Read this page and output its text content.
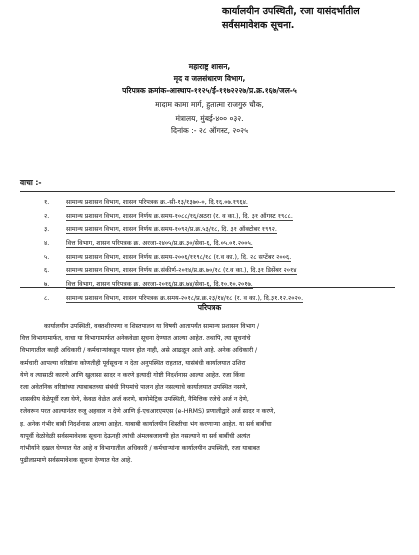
कार्यालयीन उपस्थिती, रजा यासंदर्भातील
सर्वसमावेशक सूचना.
महाराष्ट्र शासन,
मृद व जलसंधारण विभाग,
परिपत्रक क्रमांक-आस्थाप-११२५/ई-११७२२२७/प्र.क्र.१६७/जल-५
मादाम कामा मार्ग, हुतात्मा राजगुरु चौक,
मंत्रालय, मुंबई-४०० ०३२.
दिनांक :- २८ ऑगस्ट, २०२५
वाचा :-
१.	सामान्य प्रशासन विभाग, शासन परिपत्रक क्र.-सी-१३/१३७०-०, दि.१६.०७.१९६४.
२.	सामान्य प्रशासन विभाग, शासन निर्णय क्र.समय-१०८८/१६/अठरा (र. व का.), दि. ३१ ऑगस्ट १९८८.
३.	सामान्य प्रशासन विभाग, शासन निर्णय क्र.समय-१०९२/प्र.क्र.५३/१८, दि. ३१ ऑक्टोबर १९९२.
४.	वित्त विभाग, शासन परिपत्रक क्र. अरजा-२४०५/प्र.क्र.३०/सेवा-६, दि.०५.०१.२००५.
५.	सामान्य प्रशासन विभाग, शासन निर्णय क्र.समय-२००६/११९८/१८ (र.व का.), दि. २८ सप्टेंबर २००६.
६.	सामान्य प्रशासन विभाग, शासन निर्णय क्र.संकीर्ण-२०१४/प्र.क्र.७०/१८ (र.व का.), दि.३१ डिसेंबर २०१४
७.	वित्त विभाग, शासन परिपत्रक क्र. अरजा-२०१६/प्र.क्र.७४/सेवा-६, दि.१०.१०.२०१७.
८.	सामान्य प्रशासन विभाग, शासन परिपत्रक क्र.समय-२०१८/प्र.क्र.२३/१४/१८ (र. व का.), दि.३१.१२.२०२०.
परिपत्रक
कार्यालयीन उपस्थिती, वक्तशीरपणा व शिस्तपालन या विषयी आतापर्यंत सामान्य प्रशासन विभाग /
वित्त विभागामार्फत, वाचा या विभागामार्फत अनेकवेळा सूचना देण्यात आल्या आहेत. तथापि, त्या सूचनांचे
विभागातील काही अधिकारी / कर्मचाऱ्यांकडून पालन होत नाही, असे आढळून आले आहे. अनेक अधिकारी /
कर्मचारी आपल्या वरिष्ठांना कोणतीही पूर्वसूचना न देता अनुपस्थित राहतात, यासंबंधी कार्यालयात उशिरा
येणे व त्यासाठी कारणे आणि खुलासा सादर न करणे इत्यादी गोष्टी निदर्शनास आल्या आहेत. रजा किंवा
रजा अवेतनिक वरिष्ठांच्या त्याबाबतच्या संबंधी नियमांचे पालन होत नसल्याचे कार्यालयात उपस्थित नसणे,
शासकीय वेळेपूर्वी रजा घेणे, केवळ वेळेत अर्ज करणे, बायोमेट्रिक उपस्थिती, नैमित्तिक रजेचे अर्ज न देणे,
रजेवरून परत आल्यानंतर रुजू अहवाल न देणे आणि ई-एचआरएमएस (e-HRMS) प्रणालीद्वारे अर्ज सादर न करणे,
इ. अनेक गंभीर बाबी निदर्शनास आल्या आहेत. याबाबी कार्यालयीन शिस्तीचा भंग करणाऱ्या आहेत. या सर्व बाबींचा
यापूर्वी वेळोवेळी सर्वसमावेशक सूचना देऊनही त्यांची अंमलबजावणी होत नसल्याने या सर्व बाबींची अत्यंत
गांभीर्याने दखल घेण्यात येत आहे व विभागातील अधिकारी / कर्मचाऱ्यांना कार्यालयीन उपस्थिती, रजा याबाबत
पुढीलप्रमाणे सर्वसमावेशक सूचना देण्यात येत आहे.
